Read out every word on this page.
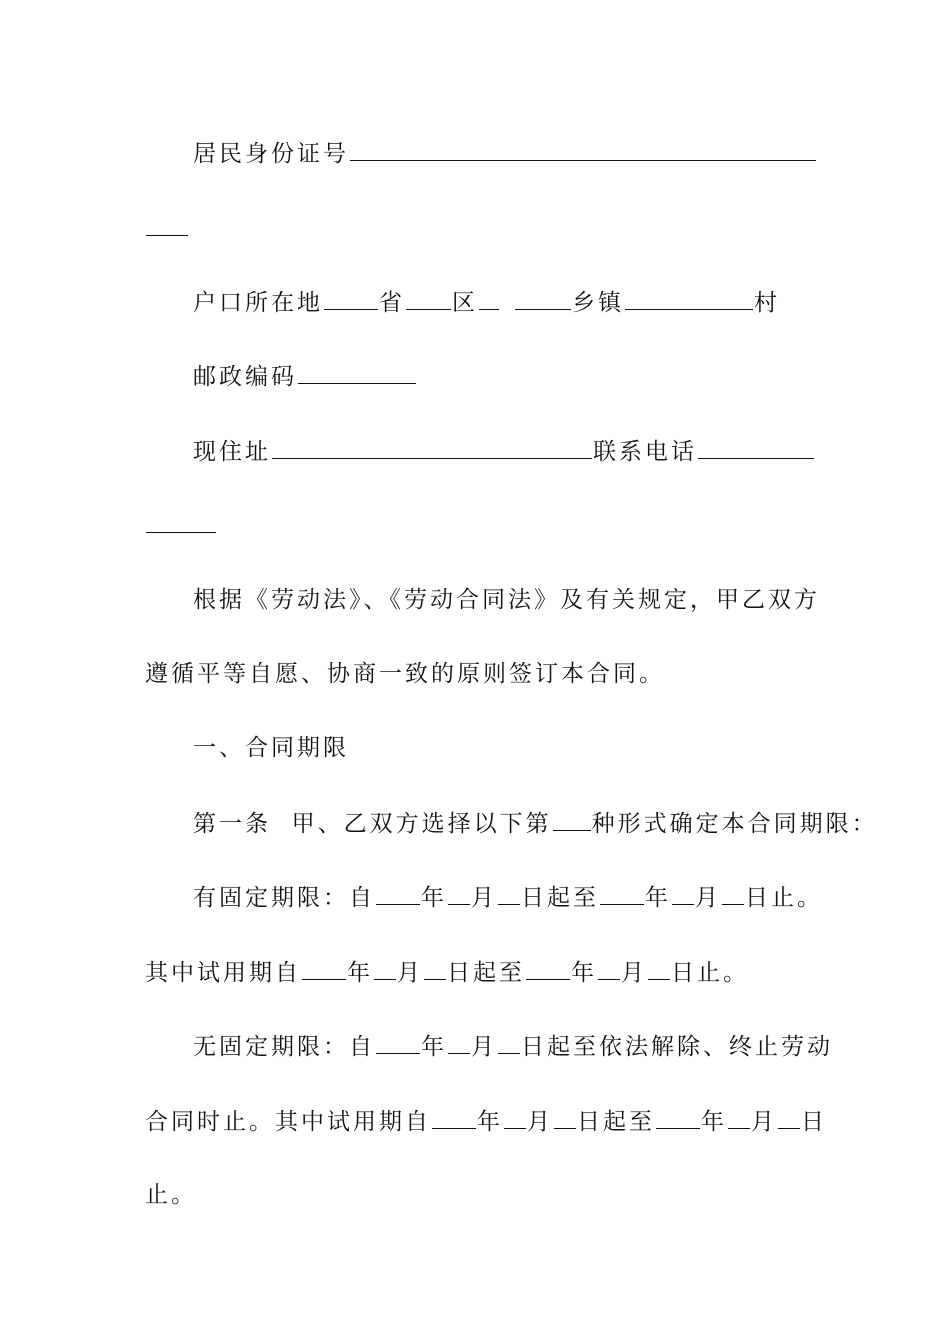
居民身份证号
户口所在地 省 区	乡镇	村
邮政编码
现住址	联系电话
根据《劳动法》、《劳动合同法》及有关规定，甲乙双方
遵循平等自愿、协商一致的原则签订本合同。
一、合同期限
第一条  甲、乙双方选择以下第 种形式确定本合同期限：
有固定期限：自 年 月 日起至 年 月 日止。
其中试用期自 年 月 日起至 年 月 日止。
无固定期限：自 年 月 日起至依法解除、终止劳动
合同时止。其中试用期自 年 月 日起至 年 月 日
止。
